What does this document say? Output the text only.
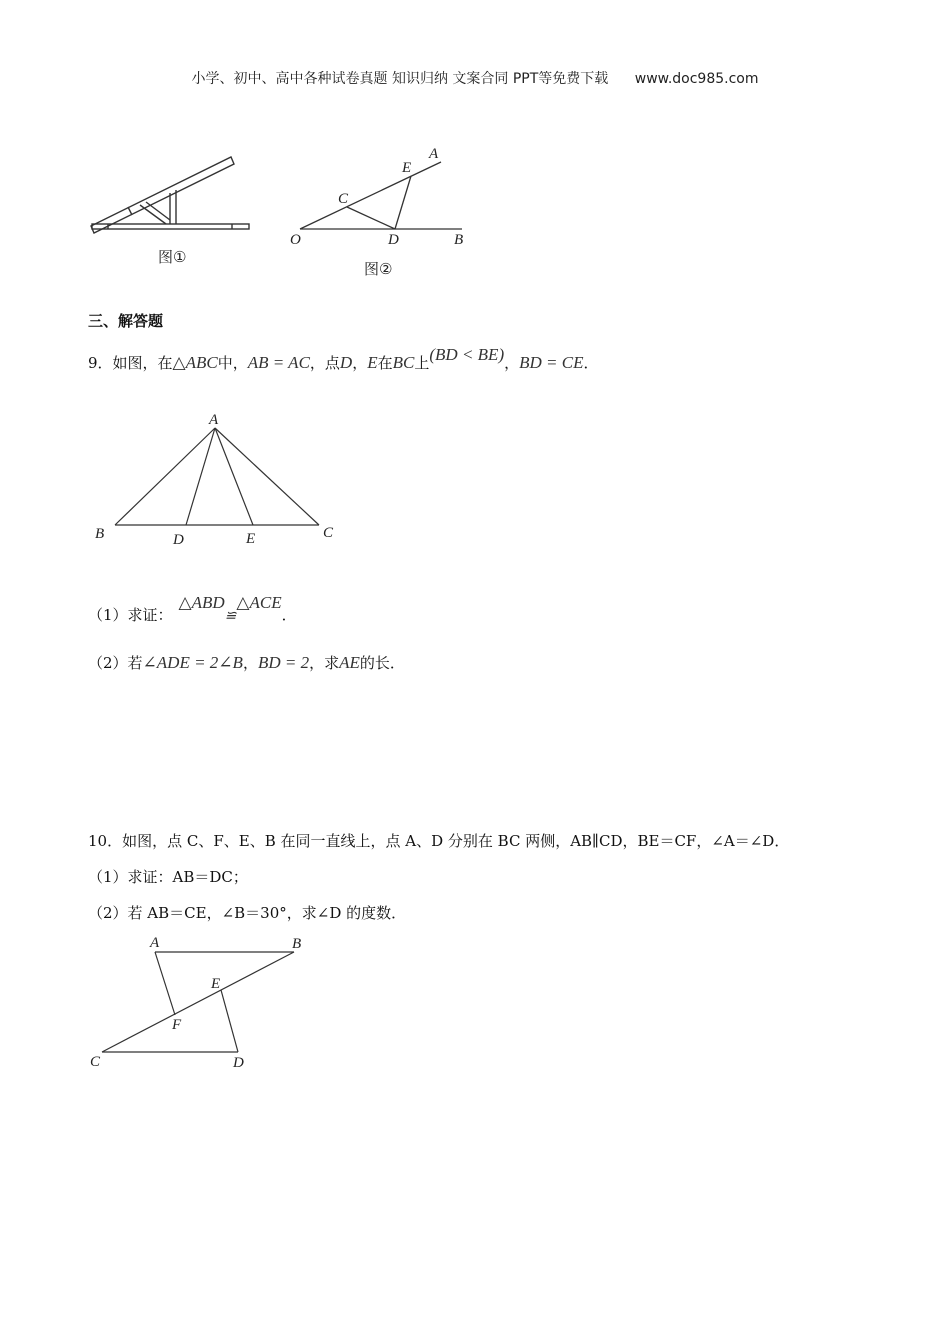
小学、初中、高中各种试卷真题 知识归纳 文案合同 PPT等免费下载 www.doc985.com
图①
A
E
C
O	D	B
图②
三、解答题
9．如图，在△ABC中，AB = AC，点D，E在BC上(BD < BE)，BD = CE．
A
B	D	E	C
（1）求证：△ABD≌△ACE．
（2）若∠ADE = 2∠B，BD = 2，求AE的长．
10．如图，点 C、F、E、B 在同一直线上，点 A、D 分别在 BC 两侧，AB∥CD，BE＝CF，∠A＝∠D．
（1）求证：AB＝DC；
（2）若 AB＝CE，∠B＝30°，求∠D 的度数．
A	B
E
F
C	D
